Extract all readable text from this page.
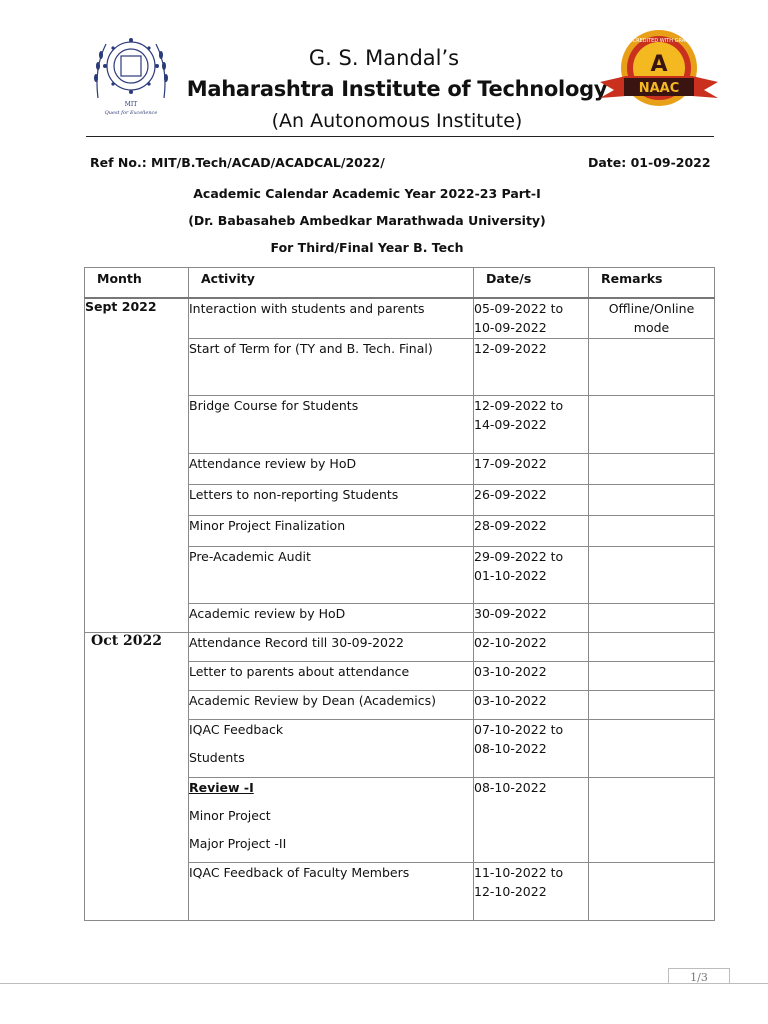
MIT
Quest for Excellence
G. S. Mandal’s
Maharashtra Institute of Technology
(An Autonomous Institute)
A
NAAC
ACCREDITED WITH GRADE
Ref No.: MIT/B.Tech/ACAD/ACADCAL/2022/	Date: 01-09-2022
Academic Calendar Academic Year 2022-23 Part-I
(Dr. Babasaheb Ambedkar Marathwada University)
For Third/Final Year B. Tech
Month	Activity	Date/s	Remarks
Sept 2022	Interaction with students and parents	05-09-2022 to
10-09-2022	Offline/Online
mode

	Start of Term for (TY and B. Tech. Final)	12-09-2022	

	Bridge Course for Students	12-09-2022 to
14-09-2022	

	Attendance review by HoD	17-09-2022	

	Letters to non-reporting Students	26-09-2022	

	Minor Project Finalization	28-09-2022	

	Pre-Academic Audit	29-09-2022 to
01-10-2022	

	Academic review by HoD	30-09-2022	

Oct 2022	Attendance Record till 30-09-2022	02-10-2022	

	Letter to parents about attendance	03-10-2022	

	Academic Review by Dean (Academics)	03-10-2022	

	IQAC Feedback
Students	07-10-2022 to
08-10-2022	

	Review -I
Minor Project
Major Project -II	08-10-2022	

	IQAC Feedback of Faculty Members	11-10-2022 to
12-10-2022	

1/3
